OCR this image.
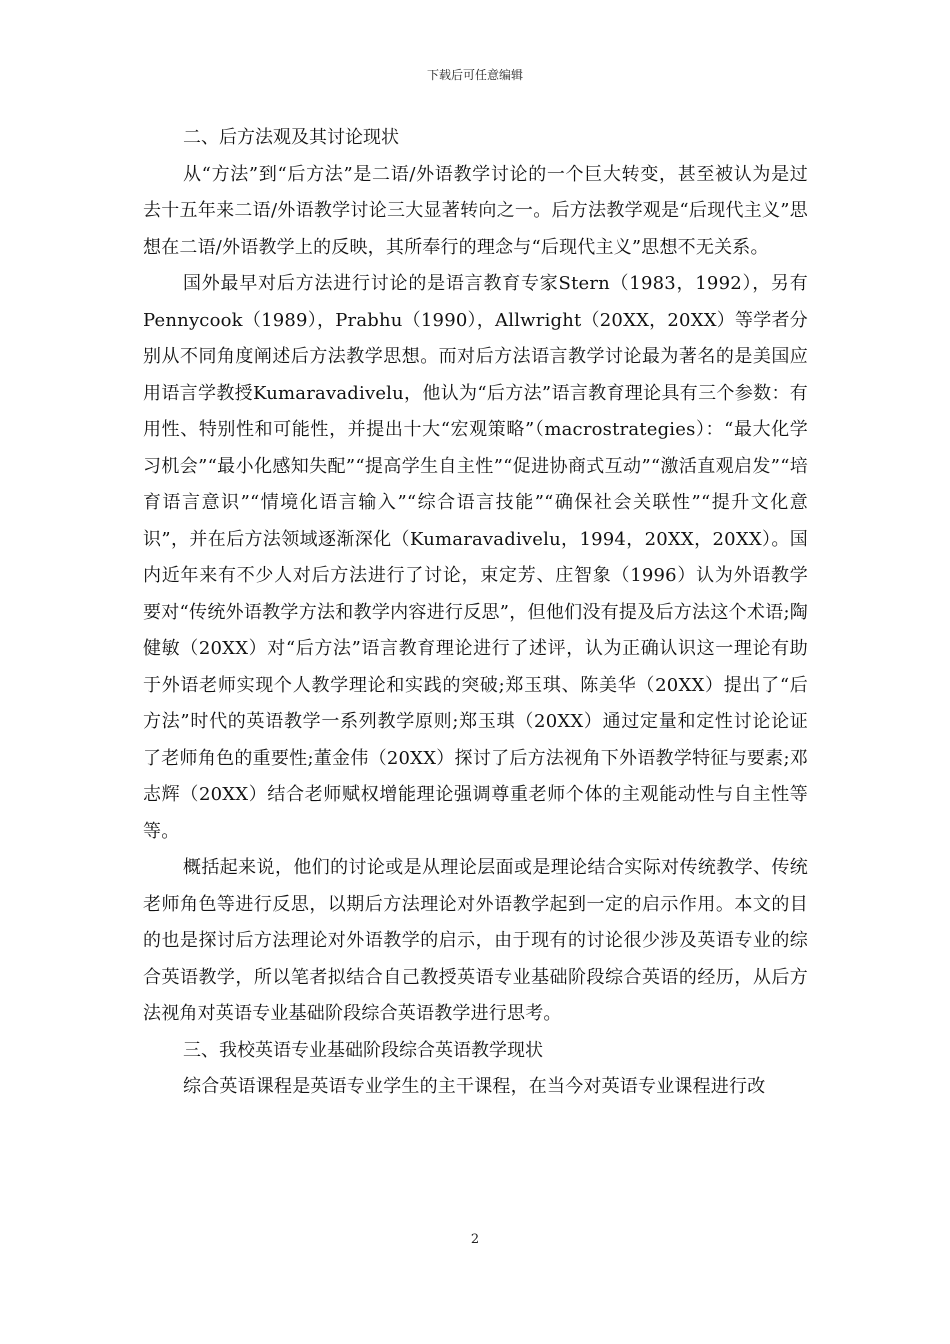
下载后可任意编辑
二、后方法观及其讨论现状

从“方法”到“后方法”是二语/外语教学讨论的一个巨大转变，甚至被认为是过去十五年来二语/外语教学讨论三大显著转向之一。后方法教学观是“后现代主义”思想在二语/外语教学上的反映，其所奉行的理念与“后现代主义”思想不无关系。

国外最早对后方法进行讨论的是语言教育专家Stern（1983，1992），另有Pennycook（1989），Prabhu（1990），Allwright（20XX，20XX）等学者分别从不同角度阐述后方法教学思想。而对后方法语言教学讨论最为著名的是美国应用语言学教授Kumaravadivelu，他认为“后方法”语言教育理论具有三个参数：有用性、特别性和可能性，并提出十大“宏观策略”（macrostrategies）：“最大化学习机会”“最小化感知失配”“提高学生自主性”“促进协商式互动”“激活直观启发”“培育语言意识”“情境化语言输入”“综合语言技能”“确保社会关联性”“提升文化意识”，并在后方法领域逐渐深化（Kumaravadivelu，1994，20XX，20XX）。国内近年来有不少人对后方法进行了讨论，束定芳、庄智象（1996）认为外语教学要对“传统外语教学方法和教学内容进行反思”，但他们没有提及后方法这个术语;陶健敏（20XX）对“后方法”语言教育理论进行了述评，认为正确认识这一理论有助于外语老师实现个人教学理论和实践的突破;郑玉琪、陈美华（20XX）提出了“后方法”时代的英语教学一系列教学原则;郑玉琪（20XX）通过定量和定性讨论论证了老师角色的重要性;董金伟（20XX）探讨了后方法视角下外语教学特征与要素;邓志辉（20XX）结合老师赋权增能理论强调尊重老师个体的主观能动性与自主性等等。

概括起来说，他们的讨论或是从理论层面或是理论结合实际对传统教学、传统老师角色等进行反思，以期后方法理论对外语教学起到一定的启示作用。本文的目的也是探讨后方法理论对外语教学的启示，由于现有的讨论很少涉及英语专业的综合英语教学，所以笔者拟结合自己教授英语专业基础阶段综合英语的经历，从后方法视角对英语专业基础阶段综合英语教学进行思考。

三、我校英语专业基础阶段综合英语教学现状

综合英语课程是英语专业学生的主干课程，在当今对英语专业课程进行改

2
